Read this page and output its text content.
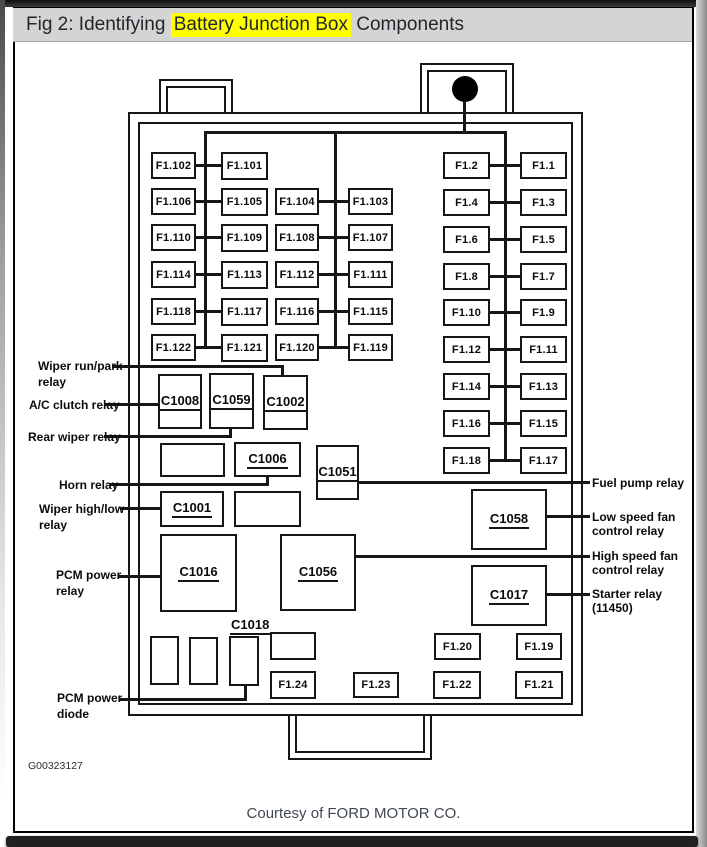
Fig 2: Identifying Battery Junction Box Components
F1.102	F1.101
F1.106	F1.105
F1.110	F1.109
F1.114	F1.113
F1.118	F1.117
F1.122	F1.121
F1.104	F1.103
F1.108	F1.107
F1.112	F1.111
F1.116	F1.115
F1.120	F1.119
F1.2	F1.1
F1.4	F1.3
F1.6	F1.5
F1.8	F1.7
F1.10	F1.9
F1.12	F1.11
F1.14	F1.13
F1.16	F1.15
F1.18	F1.17
C1008 C1059 C1002
C1006
C1051
C1001
C1016	C1056
C1058
C1017
C1018
F1.20	F1.19
F1.24	F1.23	F1.22	F1.21
Wiper run/park
relay
A/C clutch relay
Rear wiper relay
Horn relay
Wiper high/low
relay
PCM power
relay
PCM power
diode
Fuel pump relay
Low speed fan
control relay
High speed fan
control relay
Starter relay
(11450)
G00323127
Courtesy of FORD MOTOR CO.
